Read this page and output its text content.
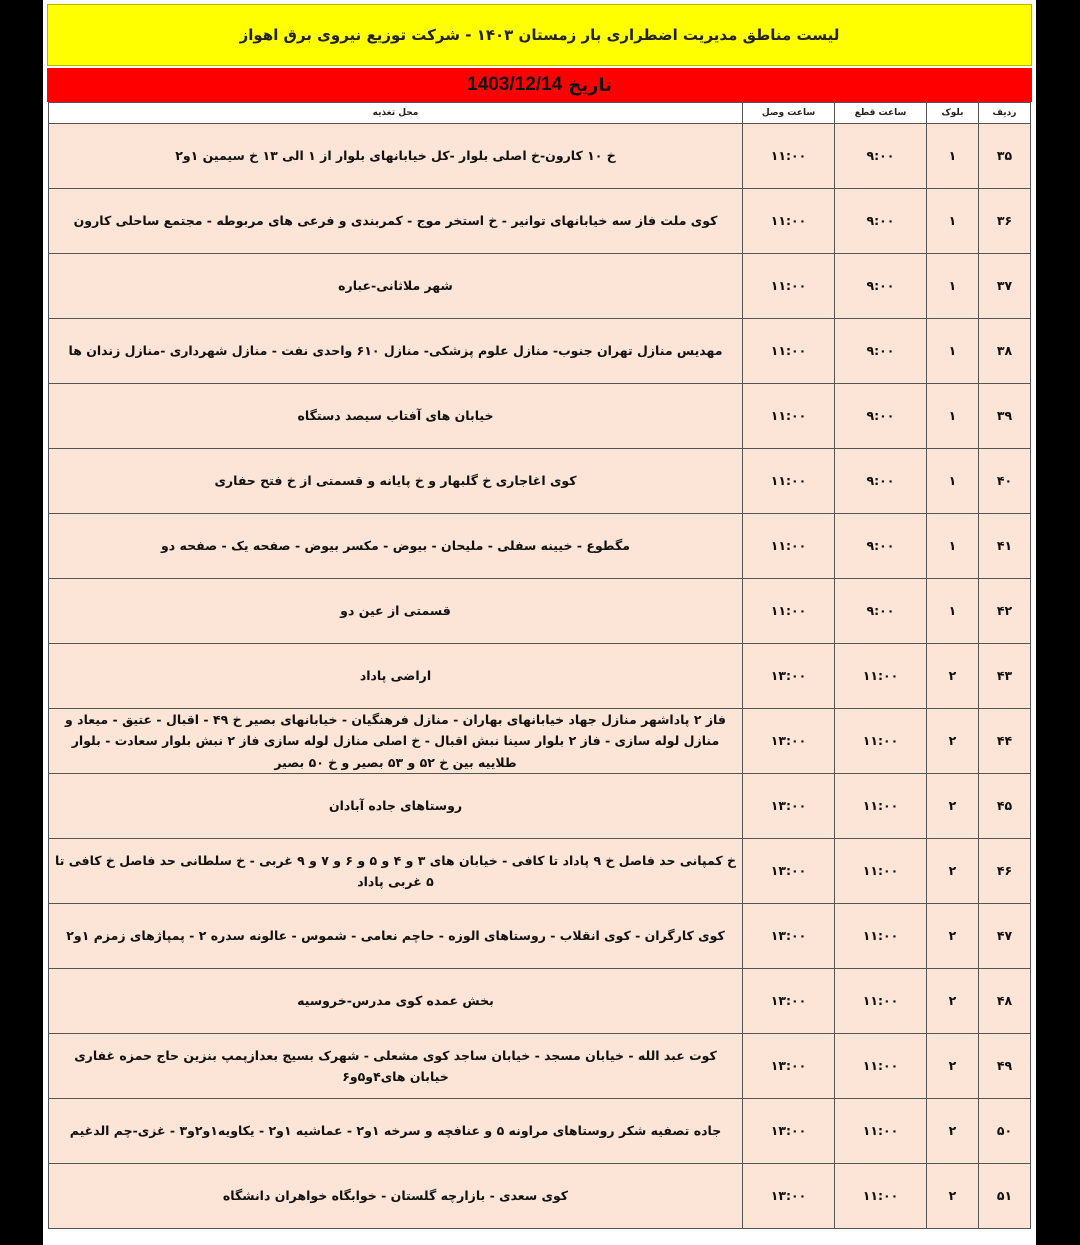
لیست مناطق مدیریت اضطراری بار زمستان ۱۴۰۳ - شرکت توزیع نیروی برق اهواز
تاریخ
1403/12/14
ردیف	بلوک	ساعت قطع	ساعت وصل	محل تغذیه
۳۵	۱	۹:۰۰	۱۱:۰۰	خ ۱۰ کارون-خ اصلی بلوار -کل خیابانهای بلوار از ۱ الی ۱۳ خ سیمین ۱و۲
۳۶	۱	۹:۰۰	۱۱:۰۰	کوی ملت فاز سه خیابانهای توانیر - خ استخر موج - کمربندی و فرعی های مربوطه - مجتمع ساحلی کارون
۳۷	۱	۹:۰۰	۱۱:۰۰	شهر ملاثانی-عباره
۳۸	۱	۹:۰۰	۱۱:۰۰	مهدیس منازل تهران جنوب- منازل علوم پزشکی- منازل ۶۱۰ واحدی نفت - منازل شهرداری -منازل زندان ها
۳۹	۱	۹:۰۰	۱۱:۰۰	خیابان های آفتاب سیصد دستگاه
۴۰	۱	۹:۰۰	۱۱:۰۰	کوی اغاجاری خ گلبهار و خ پایانه و قسمتی از خ فتح حفاری
۴۱	۱	۹:۰۰	۱۱:۰۰	مگطوع - خیینه سفلی - ملیحان - بیوض - مکسر بیوض - صفحه یک - صفحه دو
۴۲	۱	۹:۰۰	۱۱:۰۰	قسمتی از عین دو
۴۳	۲	۱۱:۰۰	۱۳:۰۰	اراضی پاداد
۴۴	۲	۱۱:۰۰	۱۳:۰۰	فاز ۲ پاداشهر منازل جهاد خیابانهای بهاران - منازل فرهنگیان - خیابانهای بصیر خ ۴۹ - اقبال - عتیق - میعاد و منازل لوله سازی - فاز ۲ بلوار سینا نبش اقبال - خ اصلی منازل لوله سازی فاز ۲ نبش بلوار سعادت - بلوار طلاییه بین خ ۵۲ و ۵۳ بصیر و خ ۵۰ بصیر
۴۵	۲	۱۱:۰۰	۱۳:۰۰	روستاهای جاده آبادان
۴۶	۲	۱۱:۰۰	۱۳:۰۰	خ کمپانی حد فاصل خ ۹ پاداد تا کافی - خیابان های ۳ و ۴ و ۵ و ۶ و ۷ و ۹ غربی - خ سلطانی حد فاصل خ کافی تا ۵ غربی پاداد
۴۷	۲	۱۱:۰۰	۱۳:۰۰	کوی کارگران - کوی انقلاب - روستاهای الوزه - حاچم نعامی - شموس - عالونه سدره ۲ - پمپاژهای زمزم ۱و۲
۴۸	۲	۱۱:۰۰	۱۳:۰۰	بخش عمده کوی مدرس-خروسیه
۴۹	۲	۱۱:۰۰	۱۳:۰۰	کوت عبد الله - خیابان مسجد - خیابان ساجد کوی مشعلی - شهرک بسیج بعدازپمپ بنزین حاج حمزه غفاری خیابان های۴و۵و۶
۵۰	۲	۱۱:۰۰	۱۳:۰۰	جاده تصفیه شکر روستاهای مراونه ۵ و عنافچه و سرخه ۱و۲ - عماشیه ۱و۲ - یکاویه۱و۲و۳ - غزی-چم الدغیم
۵۱	۲	۱۱:۰۰	۱۳:۰۰	کوی سعدی - بازارچه گلستان - خوابگاه خواهران دانشگاه
